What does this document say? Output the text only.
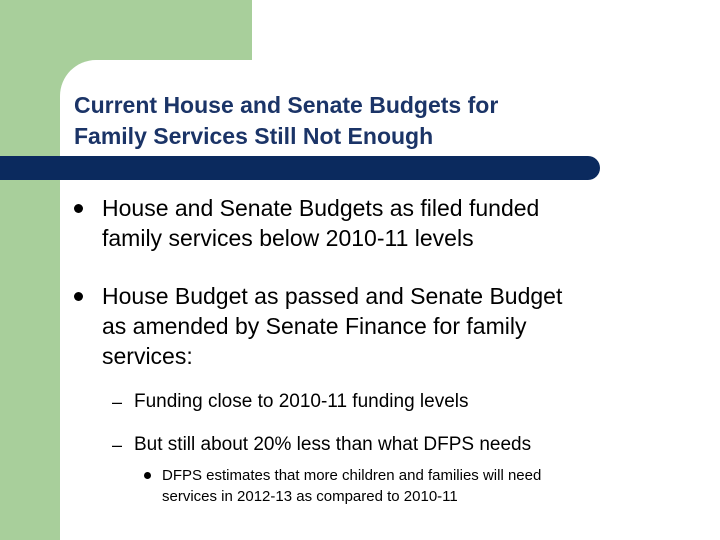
Current House and Senate Budgets for
Family Services Still Not Enough
House and Senate Budgets as filed funded
family services below 2010-11 levels
House Budget as passed and Senate Budget
as amended by Senate Finance for family
services:
– Funding close to 2010-11 funding levels
– But still about 20% less than what DFPS needs
DFPS estimates that more children and families will need
services in 2012-13 as compared to 2010-11
